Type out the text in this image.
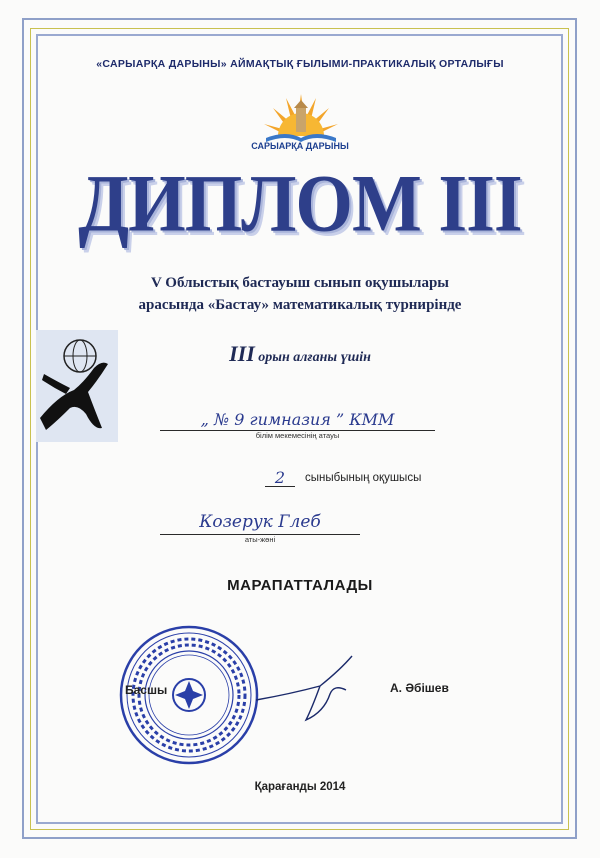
«САРЫАРҚА ДАРЫНЫ» АЙМАҚТЫҚ ҒЫЛЫМИ-ПРАКТИКАЛЫҚ ОРТАЛЫҒЫ
САРЫАРҚА ДАРЫНЫ
ДИПЛОМ III
V Облыстық бастауыш сынып оқушылары
арасында «Бастау» математикалық турнирінде
III орын алғаны үшін
„ № 9 гимназия ” КММ
білім мекемесінің атауы
2	сыныбының оқушысы
Козерук Глеб
аты-жөні
МАРАПАТТАЛАДЫ
Басшы	А. Әбішев
Қарағанды 2014
